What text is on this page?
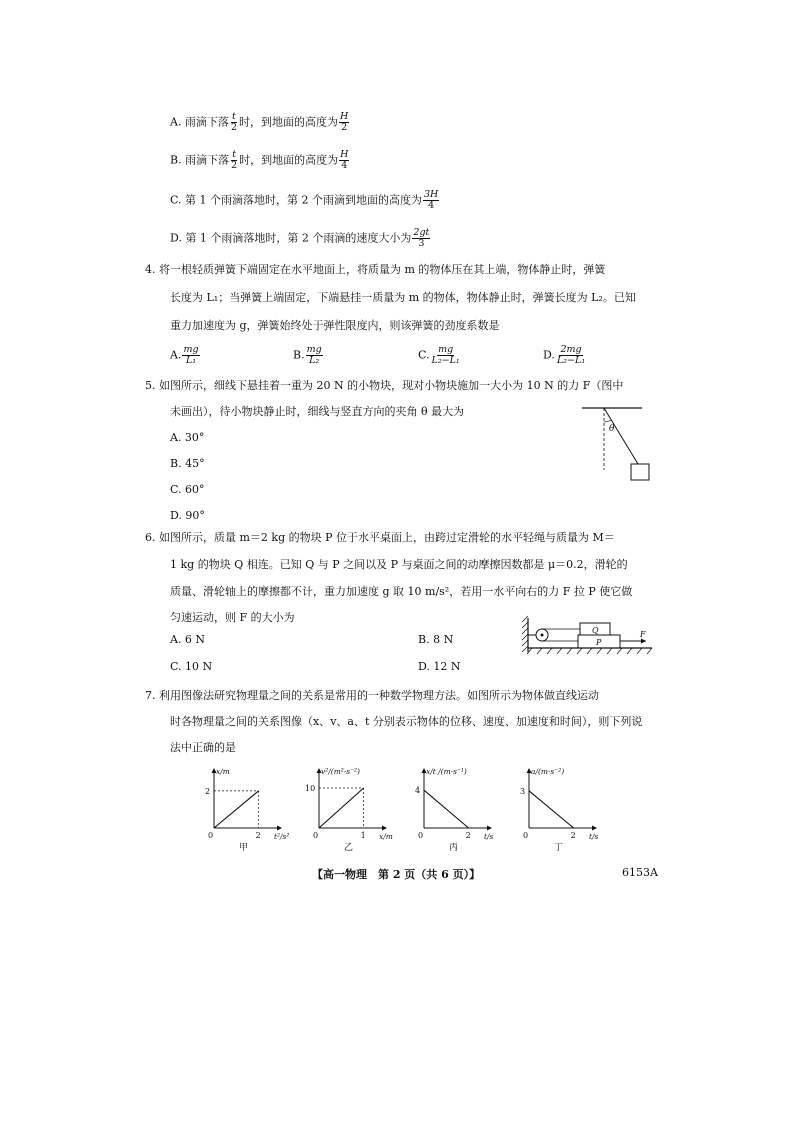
A. 雨滴下落 $\frac{t}{2}$ 时，到地面的高度为 $\frac{H}{2}$
B. 雨滴下落 $\frac{t}{2}$ 时，到地面的高度为 $\frac{H}{4}$
C. 第 1 个雨滴落地时，第 2 个雨滴到地面的高度为 $\frac{3H}{4}$
D. 第 1 个雨滴落地时，第 2 个雨滴的速度大小为 $\frac{2gt}{3}$
4. 将一根轻质弹簧下端固定在水平地面上，将质量为 m 的物体压在其上端，物体静止时，弹簧
长度为 L₁；当弹簧上端固定，下端悬挂一质量为 m 的物体，物体静止时，弹簧长度为 L₂。已知
重力加速度为 g，弹簧始终处于弹性限度内，则该弹簧的劲度系数是
A. $\frac{mg}{\text{L₁}}$	B. $\frac{mg}{\text{L₂}}$	C. $\frac{mg}{\text{L₂−L₁}}$	D. $\frac{2mg}{\text{L₂−L₁}}$
5. 如图所示，细线下悬挂着一重为 20 N 的小物块，现对小物块施加一大小为 10 N 的力 F（图中
未画出），待小物块静止时，细线与竖直方向的夹角 θ 最大为
A. 30°
B. 45°
C. 60°
D. 90°
θ
6. 如图所示，质量 m＝2 kg 的物块 P 位于水平桌面上，由跨过定滑轮的水平轻绳与质量为 M＝
1 kg 的物块 Q 相连。已知 Q 与 P 之间以及 P 与桌面之间的动摩擦因数都是 μ＝0.2，滑轮的
质量、滑轮轴上的摩擦都不计，重力加速度 g 取 10 m/s²，若用一水平向右的力 F 拉 P 使它做
匀速运动，则 F 的大小为
A. 6 N	B. 8 N
C. 10 N	D. 12 N
Q
P
F
7. 利用图像法研究物理量之间的关系是常用的一种数学物理方法。如图所示为物体做直线运动
时各物理量之间的关系图像（x、v、a、t 分别表示物体的位移、速度、加速度和时间），则下列说
法中正确的是
0	2
2
x/m
t²/s²
甲
0	1
10
v²/(m²·s⁻²)
x/m
乙
0	2
4
x/t /(m·s⁻¹)
t/s
丙
0	2
3
a/(m·s⁻²)
t/s
丁
【高一物理　第 2 页（共 6 页）】	6153A
